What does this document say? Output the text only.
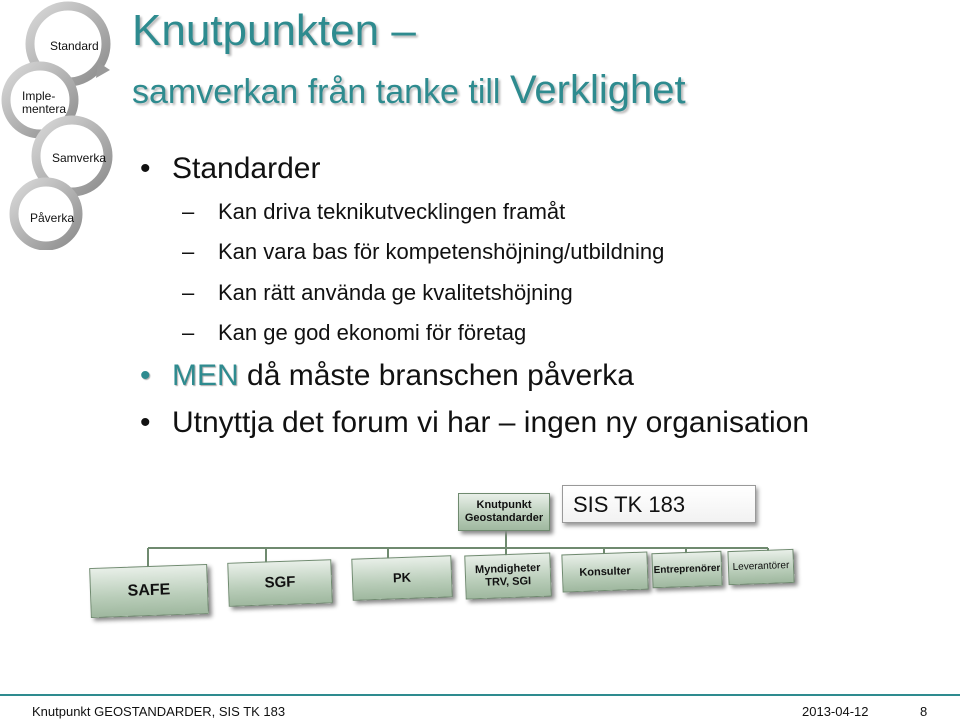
Standard
Imple-mentera
Samverka
Påverka
Knutpunkten –
samverkan från tanke till Verklighet
• Standarder
– Kan driva teknikutvecklingen framåt
– Kan vara bas för kompetenshöjning/utbildning
– Kan rätt använda ge kvalitetshöjning
– Kan ge god ekonomi för företag
• MEN då måste branschen påverka
• Utnyttja det forum vi har – ingen ny organisation
SIS TK 183
Knutpunkt
Geostandarder
SAFE	SGF	PK	Myndigheter
TRV, SGI
Konsulter	Entreprenörer	Leverantörer
Knutpunkt GEOSTANDARDER, SIS TK 183	2013-04-12	8
